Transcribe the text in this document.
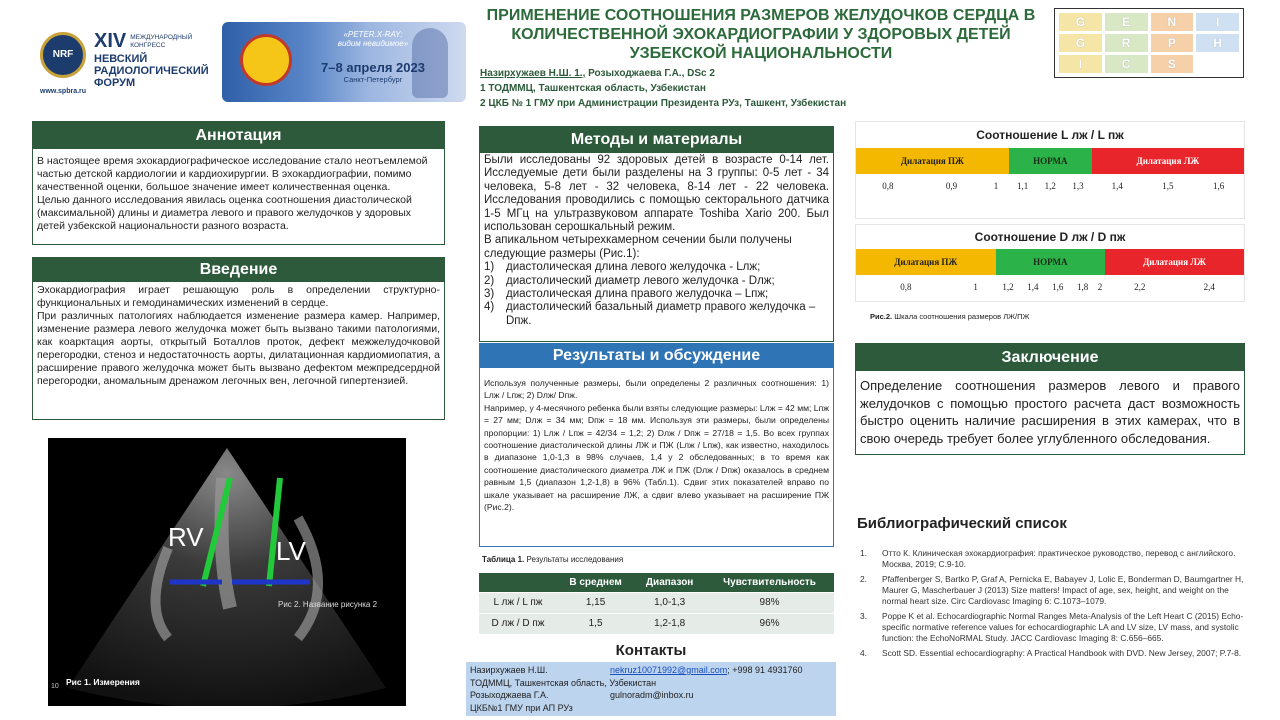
NRF
XIV МЕЖДУНАРОДНЫЙ КОНГРЕСС
НЕВСКИЙ
РАДИОЛОГИЧЕСКИЙ
ФОРУМ
www.spbra.ru
«PETER.X-RAY:
видим невидимое»
7–8 апреля 2023
Санкт-Петербург
ПРИМЕНЕНИЕ СООТНОШЕНИЯ РАЗМЕРОВ ЖЕЛУДОЧКОВ СЕРДЦА В
КОЛИЧЕСТВЕННОЙ ЭХОКАРДИОГРАФИИ У ЗДОРОВЫХ ДЕТЕЙ
УЗБЕКСКОЙ НАЦИОНАЛЬНОСТИ
Назирхужаев Н.Ш. 1., Розыходжаева Г.А., DSc 2
1 ТОДММЦ, Ташкентская область, Узбекистан
2 ЦКБ № 1 ГМУ при Администрации Президента РУз, Ташкент, Узбекистан
G	E	N	I
G	R	P	H
I	C	S
Аннотация
В настоящее время эхокардиографическое исследование стало неотъемлемой частью детской кардиологии и кардиохирургии. В эхокардиографии, помимо качественной оценки, большое значение имеет количественная оценка.
Целью данного исследования явилась оценка соотношения диастолической (максимальной) длины и диаметра левого и правого желудочков у здоровых детей узбекской национальности разного возраста.
Введение
Эхокардиография играет решающую роль в определении структурно-функциональных и гемодинамических изменений в сердце.
При различных патологиях наблюдается изменение размера камер. Например, изменение размера левого желудочка может быть вызвано такими патологиями, как коарктация аорты, открытый Боталлов проток, дефект межжелудочковой перегородки, стеноз и недостаточность аорты, дилатационная кардиомиопатия, а расширение правого желудочка может быть вызвано дефектом межпредсердной перегородки, аномальным дренажом легочных вен, легочной гипертензией.
RV	LV
Рис 2. Название рисунка 2
Рис 1. Измерения
10
Методы и материалы
Были исследованы 92 здоровых детей в возрасте 0-14 лет. Исследуемые дети были разделены на 3 группы: 0-5 лет - 34 человека, 5-8 лет - 32 человека, 8-14 лет - 22 человека. Исследования проводились с помощью секторального датчика 1-5 МГц на ультразвуковом аппарате Toshiba Xario 200. Был использован серошкальный режим.
В апикальном четырехкамерном сечении были получены следующие размеры (Рис.1):
1)	диастолическая длина левого желудочка - Lлж;
2)	диастолический диаметр левого желудочка - Dлж;
3)	диастолическая длина правого желудочка – Lпж;
4)	диастолический базальный диаметр правого желудочка – Dпж.
Результаты и обсуждение
Используя полученные размеры, были определены 2 различных соотношения: 1) Lлж / Lпж; 2) Dлж/ Dпж.
Например, у 4-месячного ребенка были взяты следующие размеры: Lлж = 42 мм; Lпж = 27 мм; Dлж = 34 мм; Dпж = 18 мм. Используя эти размеры, были определены пропорции: 1) Lлж / Lпж = 42/34 = 1,2; 2) Dлж / Dпж = 27/18 = 1,5. Во всех группах соотношение диастолической длины ЛЖ и ПЖ (Lлж / Lпж), как известно, находилось в диапазоне 1,0-1,3 в 98% случаев, 1,4 у 2 обследованных; в то время как соотношение диастолического диаметра ЛЖ и ПЖ (Dлж / Dпж) оказалось в среднем равным 1,5 (диапазон 1,2-1,8) в 96% (Табл.1). Сдвиг этих показателей вправо по шкале указывает на расширение ЛЖ, а сдвиг влево указывает на расширение ПЖ (Рис.2).
Таблица 1. Результаты исследования
	В среднем	Диапазон	Чувствительность
L лж / L пж	1,15	1,0-1,3	98%
D лж / D пж	1,5	1,2-1,8	96%
Контакты
Назирхужаев Н.Ш.	nekruz10071992@gmail.com; +998 91 4931760
ТОДММЦ, Ташкентская область, Узбекистан
Розыходжаева Г.А.	gulnoradm@inbox.ru
ЦКБ№1 ГМУ при АП РУз
Соотношение L лж / L пж
Дилатация ПЖ			НОРМА			Дилатация ЛЖ		
0,8	0,9	1	1,1	1,2	1,3	1,4	1,5	1,6
Соотношение D лж / D пж
Дилатация ПЖ		НОРМА					Дилатация ЛЖ	
0,8	1	1,2	1,4	1,6	1,8	2	2,2	2,4
Рис.2. Шкала соотношения размеров ЛЖ/ПЖ
Заключение
Определение соотношения размеров левого и правого желудочков с помощью простого расчета даст возможность быстро оценить наличие расширения в этих камерах, что в свою очередь требует более углубленного обследования.
Библиографический список
1.	Отто К. Клиническая эхокардиография: практическое руководство, перевод с английского. Москва, 2019; С.9-10.
2.	Pfaffenberger S, Bartko P, Graf A, Pernicka E, Babayev J, Lolic E, Bonderman D, Baumgartner H, Maurer G, Mascherbauer J (2013) Size matters! Impact of age, sex, height, and weight on the normal heart size. Circ Cardiovasc Imaging 6: C.1073–1079.
3.	Poppe K et al. Echocardiographic Normal Ranges Meta-Analysis of the Left Heart C (2015) Echo-specific normative reference values for echocardiographic LA and LV size, LV mass, and systolic function: the EchoNoRMAL Study. JACC Cardiovasc Imaging 8: C.656–665.
4.	Scott SD. Essential echocardiography: A Practical Handbook with DVD. New Jersey, 2007; P.7-8.
